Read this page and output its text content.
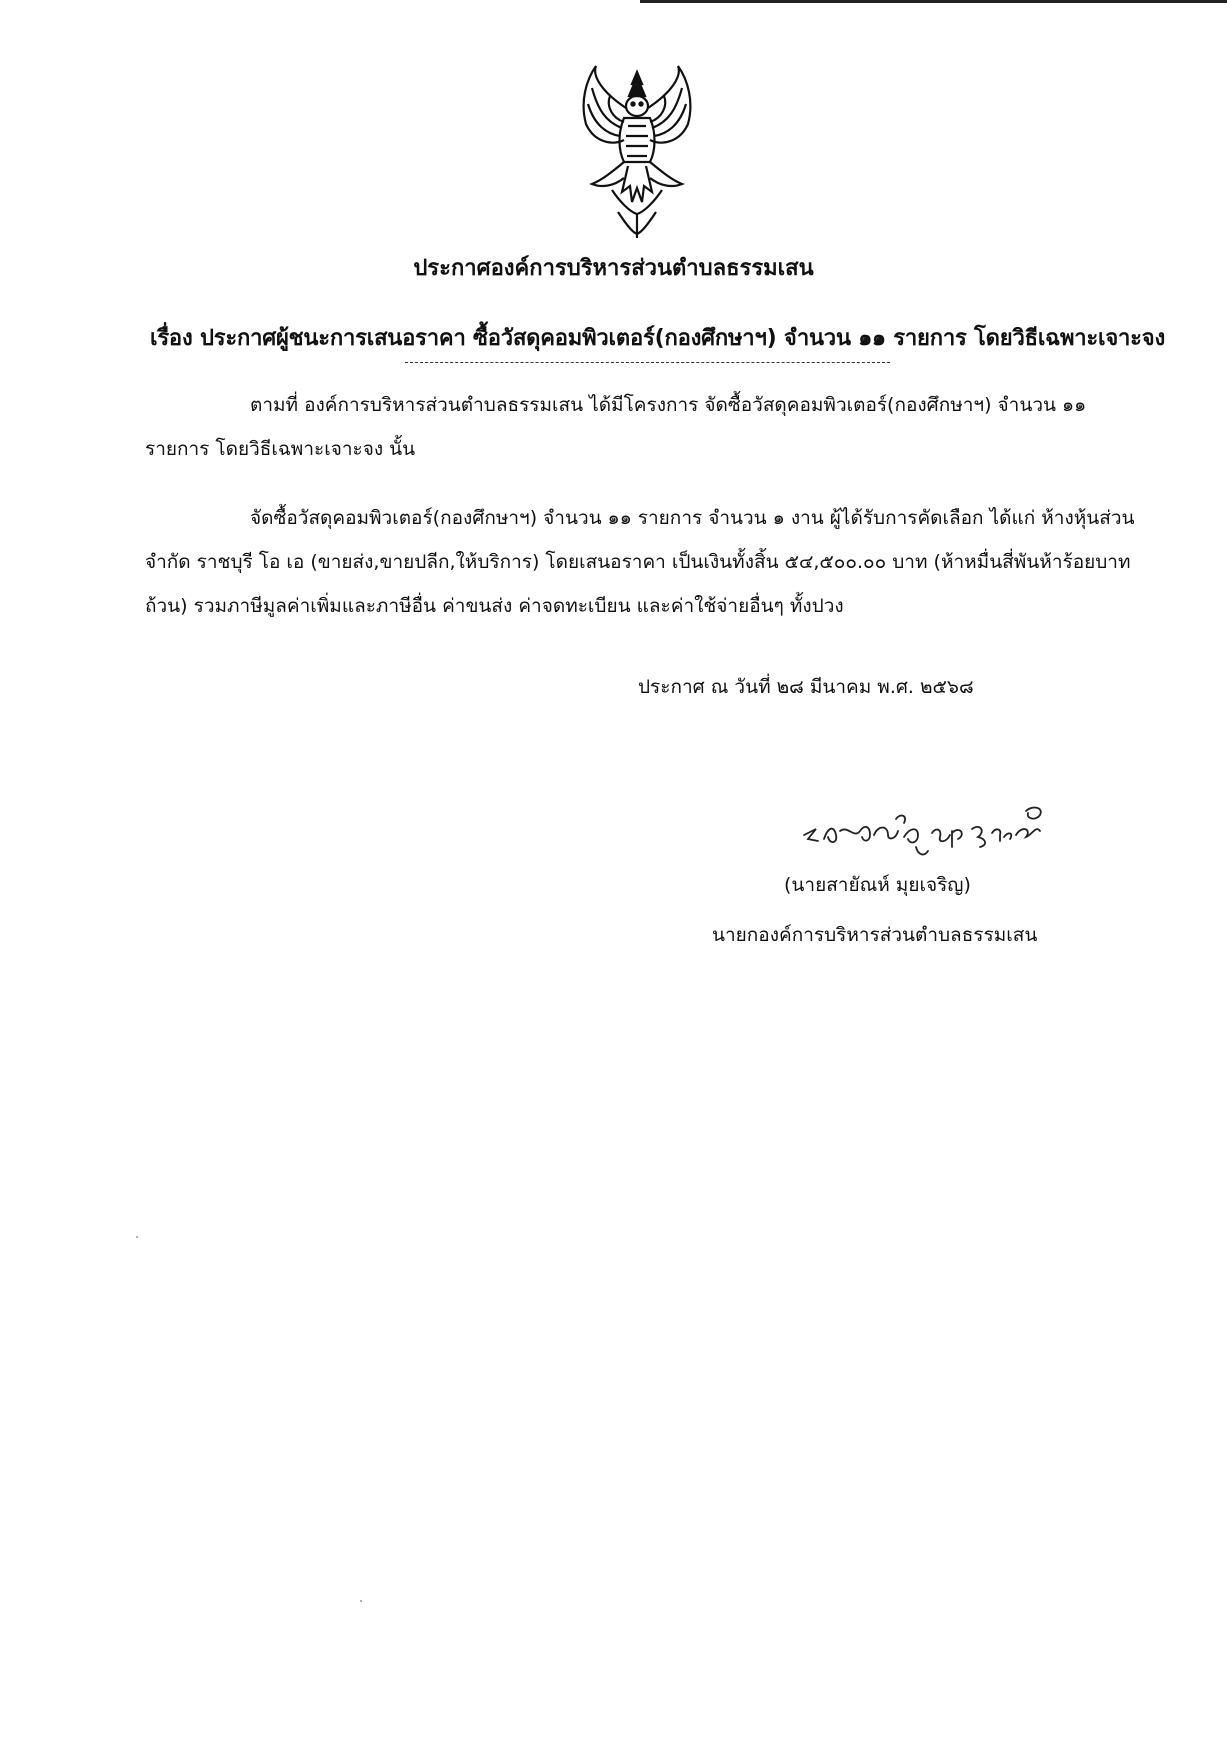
ประกาศองค์การบริหารส่วนตำบลธรรมเสน
เรื่อง ประกาศผู้ชนะการเสนอราคา ซื้อวัสดุคอมพิวเตอร์(กองศึกษาฯ) จำนวน ๑๑ รายการ โดยวิธีเฉพาะเจาะจง
ตามที่ องค์การบริหารส่วนตำบลธรรมเสน ได้มีโครงการ จัดซื้อวัสดุคอมพิวเตอร์(กองศึกษาฯ) จำนวน ๑๑ รายการ โดยวิธีเฉพาะเจาะจง นั้น
จัดซื้อวัสดุคอมพิวเตอร์(กองศึกษาฯ) จำนวน ๑๑ รายการ จำนวน ๑ งาน ผู้ได้รับการคัดเลือก ได้แก่ ห้างหุ้นส่วนจำกัด ราชบุรี โอ เอ (ขายส่ง,ขายปลีก,ให้บริการ) โดยเสนอราคา เป็นเงินทั้งสิ้น ๕๔,๕๐๐.๐๐ บาท (ห้าหมื่นสี่พันห้าร้อยบาทถ้วน) รวมภาษีมูลค่าเพิ่มและภาษีอื่น ค่าขนส่ง ค่าจดทะเบียน และค่าใช้จ่ายอื่นๆ ทั้งปวง
ประกาศ ณ วันที่ ๒๘ มีนาคม พ.ศ. ๒๕๖๘
(นายสายัณห์ มุยเจริญ)
นายกองค์การบริหารส่วนตำบลธรรมเสน
